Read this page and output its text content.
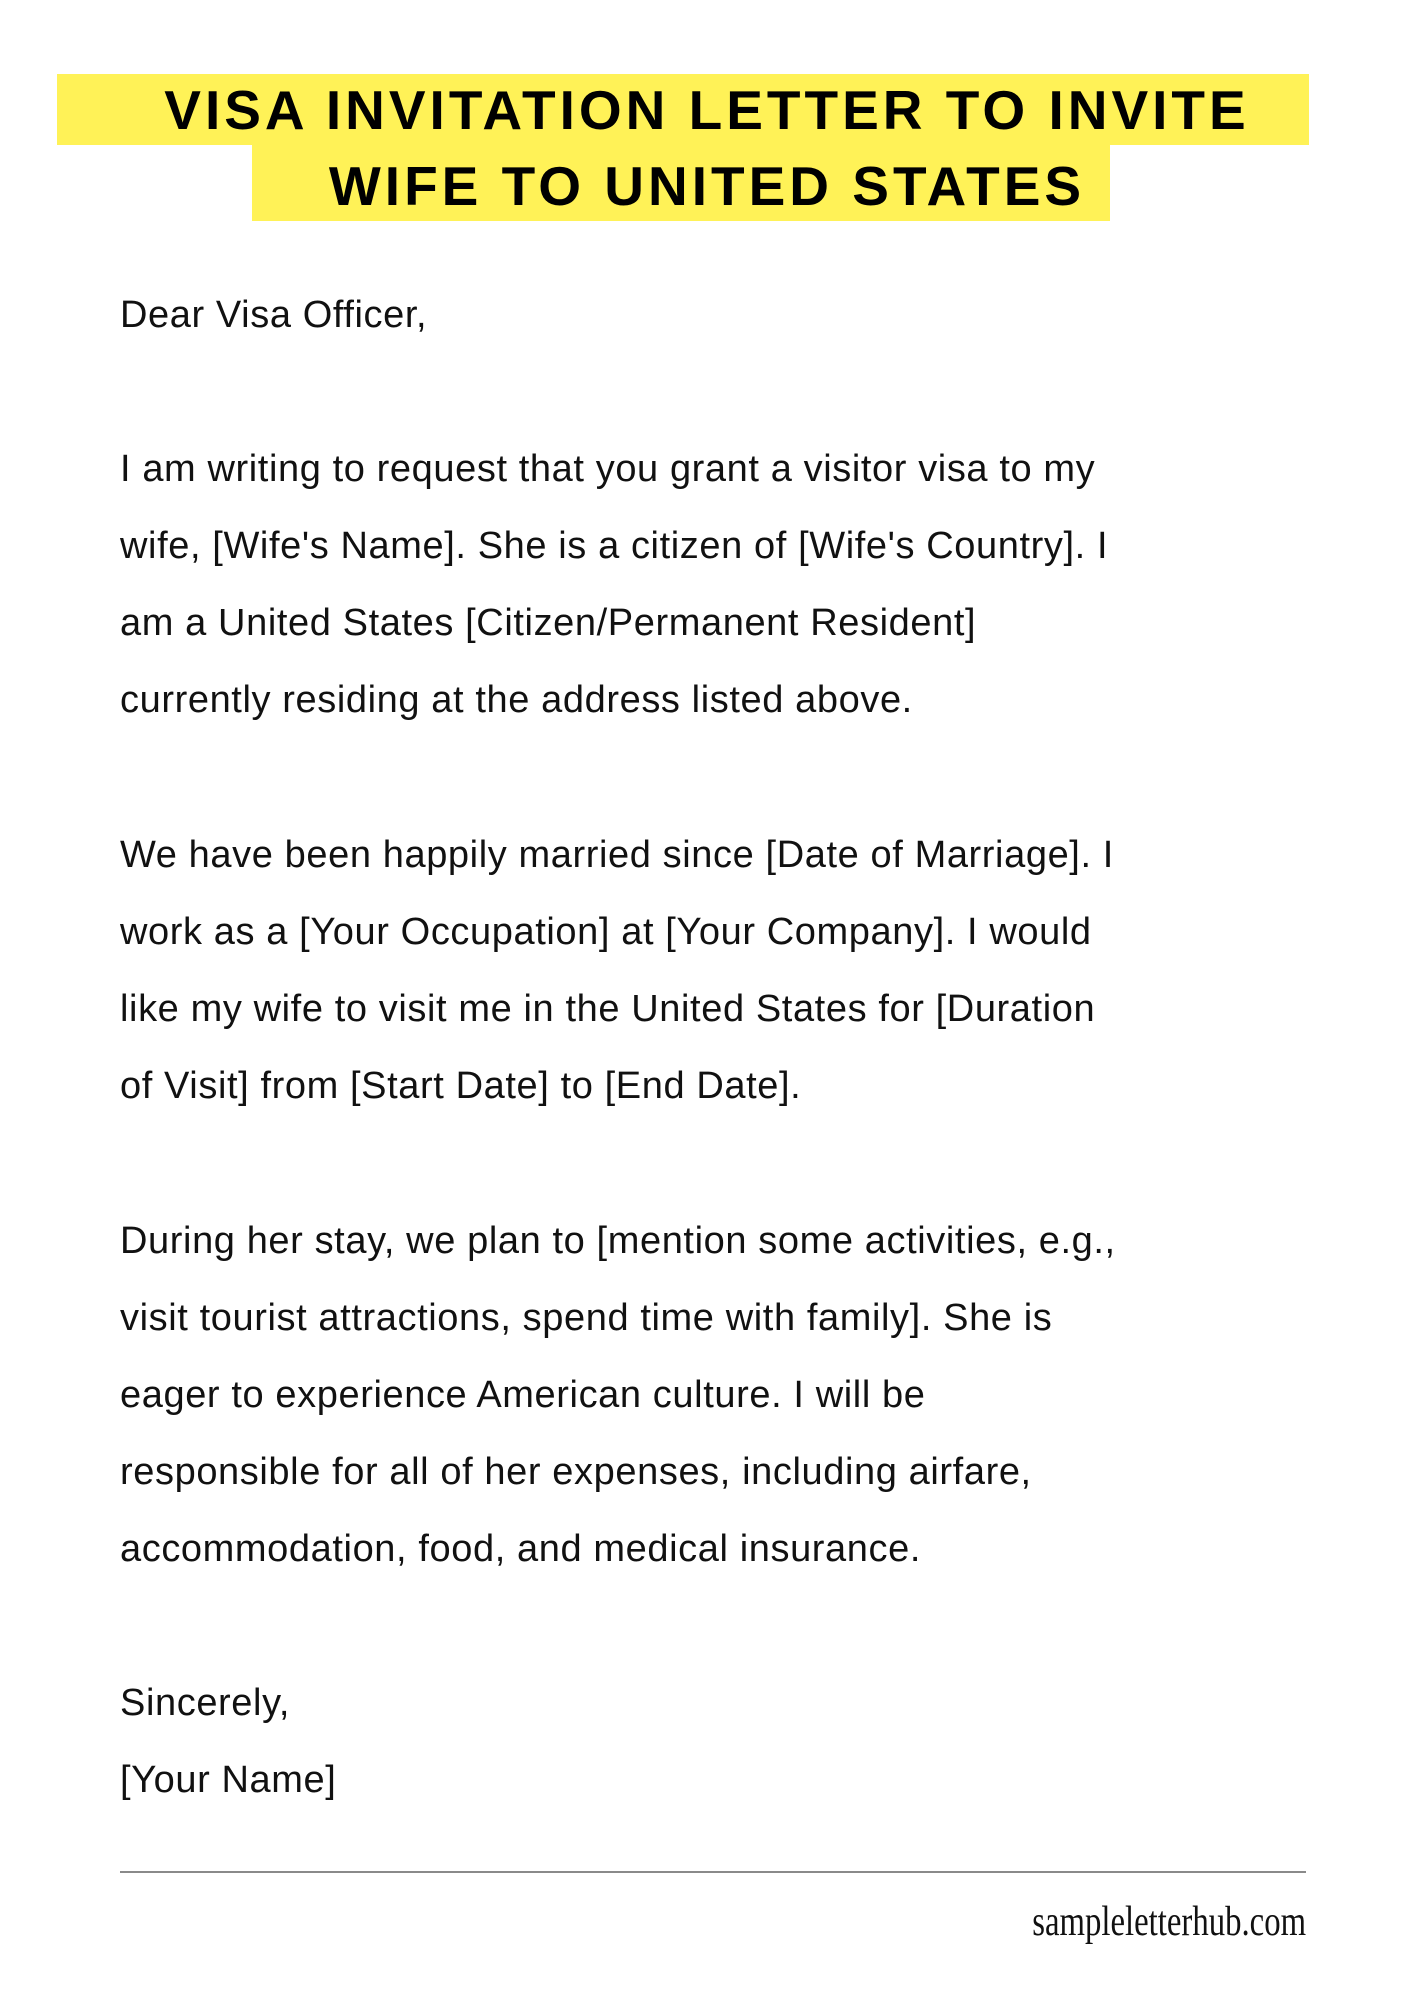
VISA INVITATION LETTER TO INVITE
WIFE TO UNITED STATES
Dear Visa Officer,
I am writing to request that you grant a visitor visa to my
wife, [Wife's Name]. She is a citizen of [Wife's Country]. I
am a United States [Citizen/Permanent Resident]
currently residing at the address listed above.
We have been happily married since [Date of Marriage]. I
work as a [Your Occupation] at [Your Company]. I would
like my wife to visit me in the United States for [Duration
of Visit] from [Start Date] to [End Date].
During her stay, we plan to [mention some activities, e.g.,
visit tourist attractions, spend time with family]. She is
eager to experience American culture. I will be
responsible for all of her expenses, including airfare,
accommodation, food, and medical insurance.
Sincerely,
[Your Name]
sampleletterhub.com
